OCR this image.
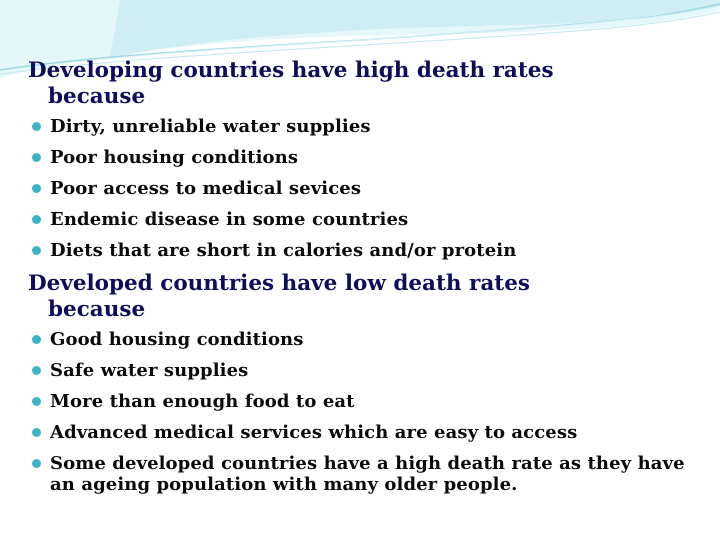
Developing countries have high death rates
because
Dirty, unreliable water supplies
Poor housing conditions
Poor access to medical sevices
Endemic disease in some countries
Diets that are short in calories and/or protein
Developed countries have low death rates
because
Good housing conditions
Safe water supplies
More than enough food to eat
Advanced medical services which are easy to access
Some developed countries have a high death rate as they have an ageing population with many older people.
